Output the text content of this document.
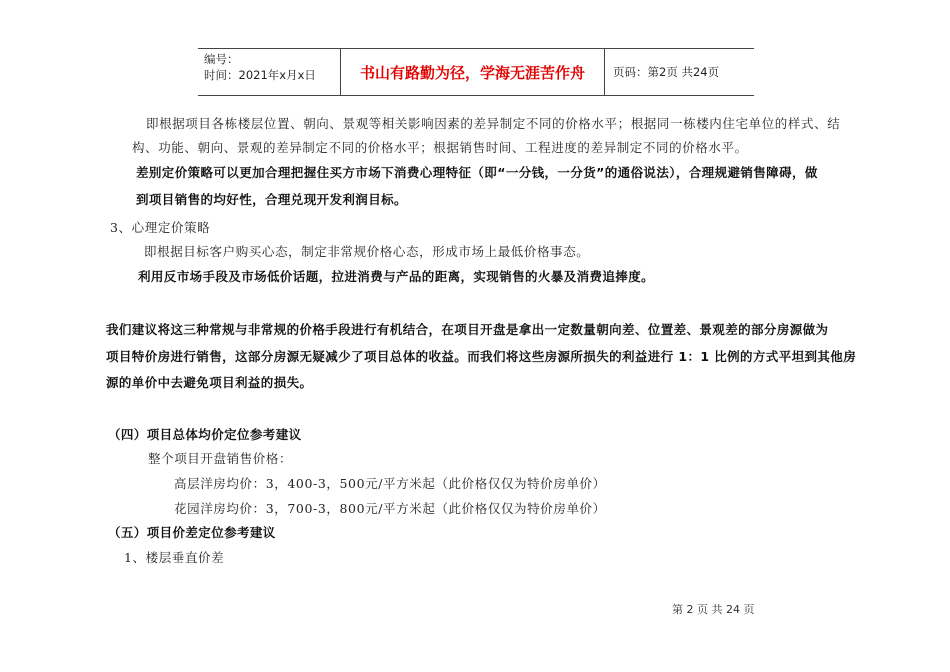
编号：
时间：2021年x月x日	书山有路勤为径，学海无涯苦作舟	页码：第2页 共24页
即根据项目各栋楼层位置、朝向、景观等相关影响因素的差异制定不同的价格水平；根据同一栋楼内住宅单位的样式、结
构、功能、朝向、景观的差异制定不同的价格水平；根据销售时间、工程进度的差异制定不同的价格水平。
差别定价策略可以更加合理把握住买方市场下消费心理特征（即“一分钱，一分货”的通俗说法），合理规避销售障碍，做
到项目销售的均好性，合理兑现开发利润目标。
3、心理定价策略
即根据目标客户购买心态，制定非常规价格心态，形成市场上最低价格事态。
利用反市场手段及市场低价话题，拉进消费与产品的距离，实现销售的火暴及消费追捧度。
我们建议将这三种常规与非常规的价格手段进行有机结合，在项目开盘是拿出一定数量朝向差、位置差、景观差的部分房源做为
项目特价房进行销售，这部分房源无疑减少了项目总体的收益。而我们将这些房源所损失的利益进行 1：1 比例的方式平坦到其他房
源的单价中去避免项目利益的损失。
（四）项目总体均价定位参考建议
整个项目开盘销售价格：
高层洋房均价：3，400-3，500元/平方米起（此价格仅仅为特价房单价）
花园洋房均价：3，700-3，800元/平方米起（此价格仅仅为特价房单价）
（五）项目价差定位参考建议
1、楼层垂直价差
第 2 页 共 24 页
